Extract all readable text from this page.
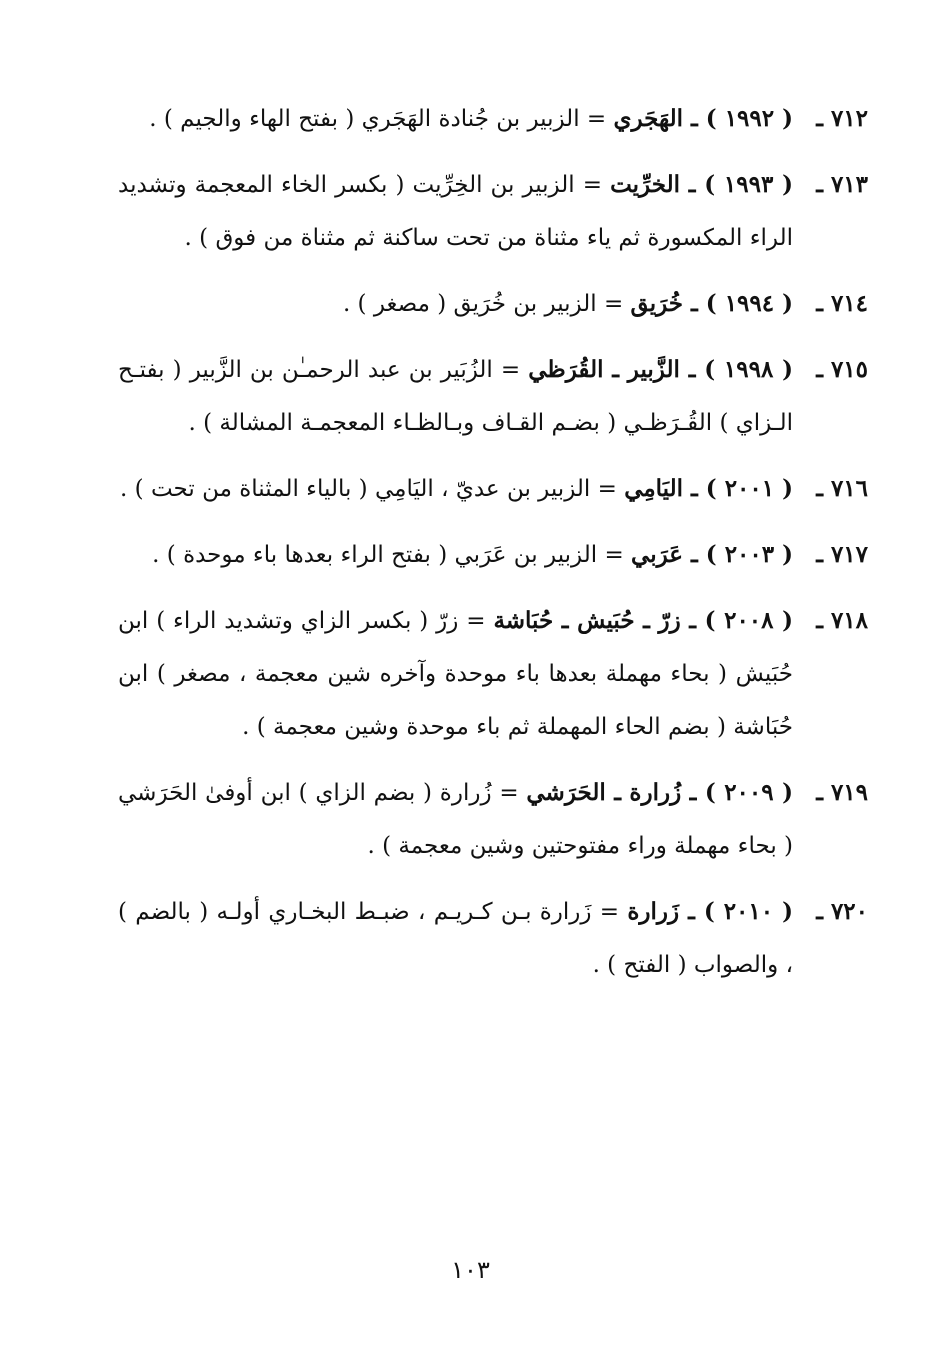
٧١٢ ـ
( ١٩٩٢ ) ـ الهَجَري = الزبير بن جُنادة الهَجَري ( بفتح الهاء والجيم ) .
٧١٣ ـ
( ١٩٩٣ ) ـ الخرِّيت = الزبير بن الخِرِّيت ( بكسر الخاء المعجمة وتشديد الراء المكسورة ثم ياء مثناة من تحت ساكنة ثم مثناة من فوق ) .
٧١٤ ـ
( ١٩٩٤ ) ـ خُرَيق = الزبير بن خُرَيق ( مصغر ) .
٧١٥ ـ
( ١٩٩٨ ) ـ الزَّبير ـ القُرَظي = الزُبَير بن عبد الرحمـٰن بن الزَّبير ( بفتـح الـزاي ) القُـرَظـي ( بضـم القـاف وبـالظـاء المعجمـة المشالة ) .
٧١٦ ـ
( ٢٠٠١ ) ـ اليَامِي = الزبير بن عديّ ، اليَامِي ( بالياء المثناة من تحت ) .
٧١٧ ـ
( ٢٠٠٣ ) ـ عَرَبي = الزبير بن عَرَبي ( بفتح الراء بعدها باء موحدة ) .
٧١٨ ـ
( ٢٠٠٨ ) ـ زرّ ـ حُبَيش ـ حُبَاشة = زرّ ( بكسر الزاي وتشديد الراء ) ابن حُبَيش ( بحاء مهملة بعدها باء موحدة وآخره شين معجمة ، مصغر ) ابن حُبَاشة ( بضم الحاء المهملة ثم باء موحدة وشين معجمة ) .
٧١٩ ـ
( ٢٠٠٩ ) ـ زُرارة ـ الحَرَشي = زُرارة ( بضم الزاي ) ابن أوفىٰ الحَرَشي ( بحاء مهملة وراء مفتوحتين وشين معجمة ) .
٧٢٠ ـ
( ٢٠١٠ ) ـ زَرارة = زَرارة بـن كـريـم ، ضبـط البخـاري أولـه ( بالضم ) ، والصواب ( الفتح ) .
١٠٣
